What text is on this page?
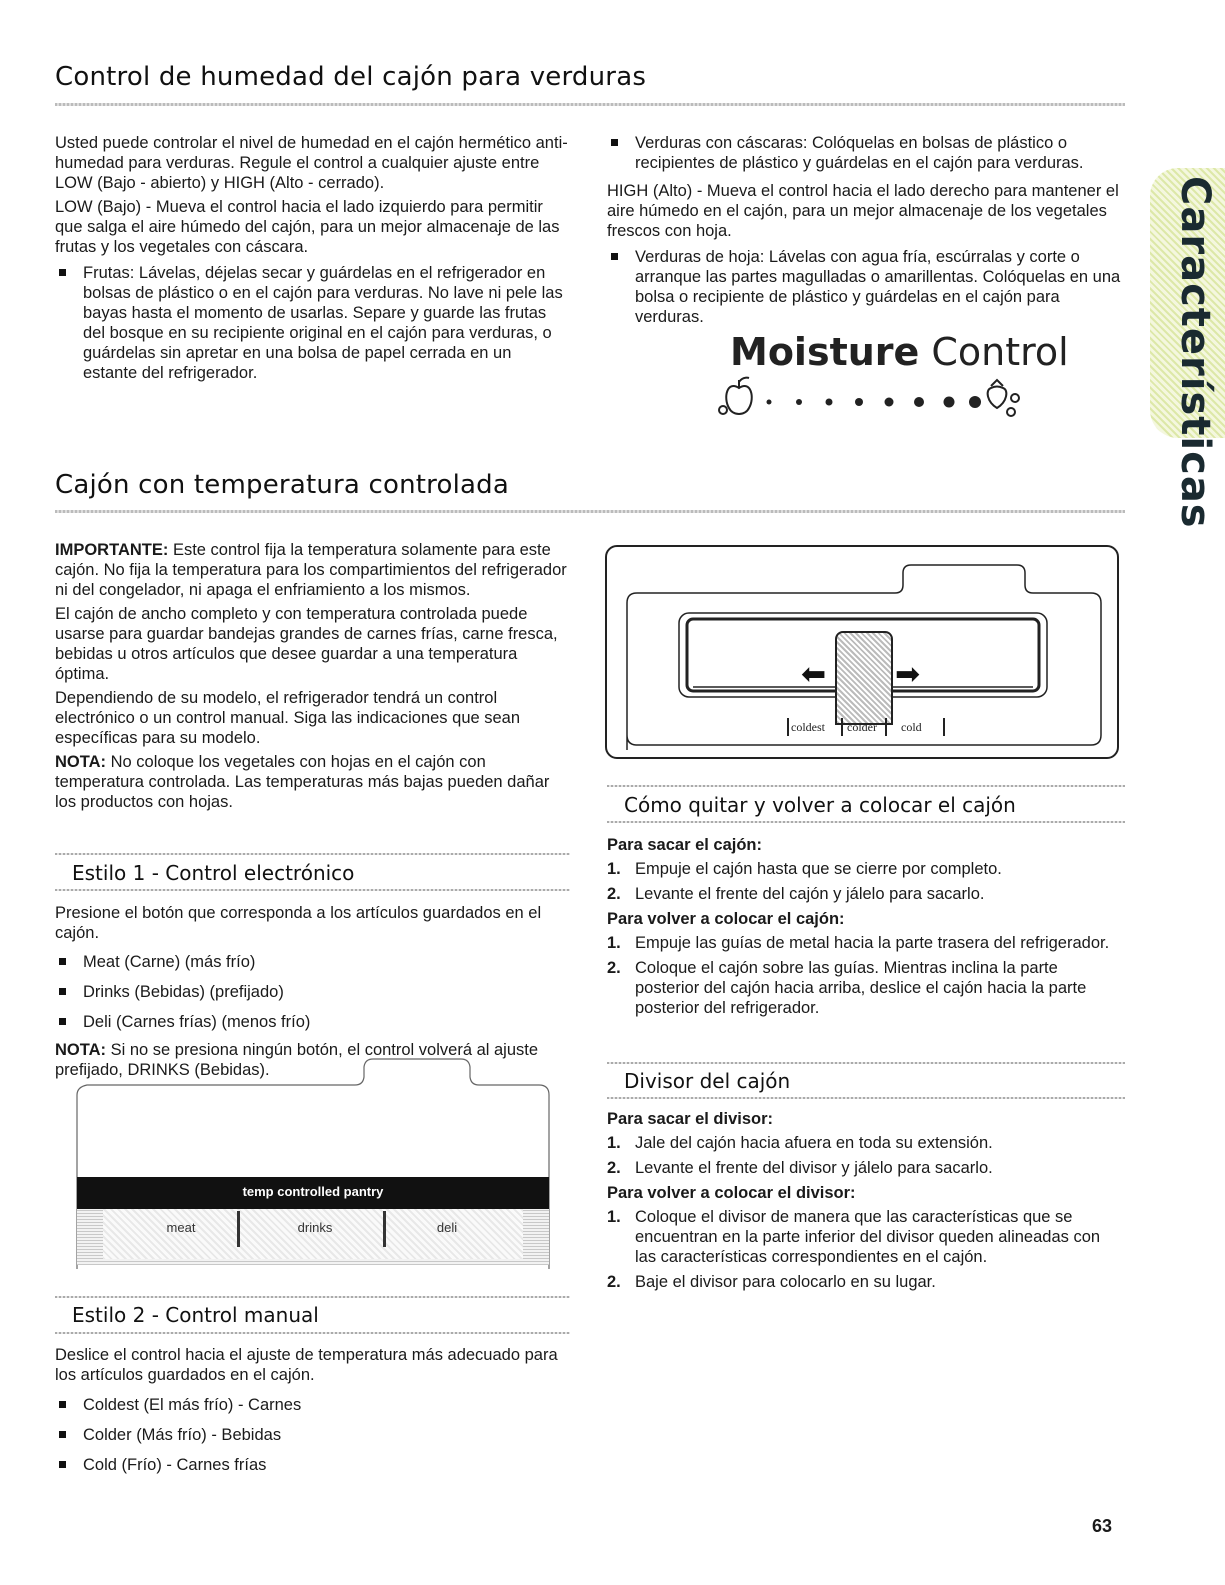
Control de humedad del cajón para verduras

Usted puede controlar el nivel de humedad en el cajón hermético anti-humedad para verduras. Regule el control a cualquier ajuste entre LOW (Bajo - abierto) y HIGH (Alto - cerrado).

LOW (Bajo) - Mueva el control hacia el lado izquierdo para permitir que salga el aire húmedo del cajón, para un mejor almacenaje de las frutas y los vegetales con cáscara.

Frutas: Lávelas, déjelas secar y guárdelas en el refrigerador en bolsas de plástico o en el cajón para verduras. No lave ni pele las bayas hasta el momento de usarlas. Separe y guarde las frutas del bosque en su recipiente original en el cajón para verduras, o guárdelas sin apretar en una bolsa de papel cerrada en un estante del refrigerador.
Verduras con cáscaras: Colóquelas en bolsas de plástico o recipientes de plástico y guárdelas en el cajón para verduras.

HIGH (Alto) - Mueva el control hacia el lado derecho para mantener el aire húmedo en el cajón, para un mejor almacenaje de los vegetales frescos con hoja.

Verduras de hoja: Lávelas con agua fría, escúrralas y corte o arranque las partes magulladas o amarillentas. Colóquelas en una bolsa o recipiente de plástico y guárdelas en el cajón para verduras.
Moisture Control	Características
Cajón con temperatura controlada

IMPORTANTE: Este control fija la temperatura solamente para este cajón. No fija la temperatura para los compartimientos del refrigerador ni del congelador, ni apaga el enfriamiento a los mismos.

El cajón de ancho completo y con temperatura controlada puede usarse para guardar bandejas grandes de carnes frías, carne fresca, bebidas u otros artículos que desee guardar a una temperatura óptima.

Dependiendo de su modelo, el refrigerador tendrá un control electrónico o un control manual. Siga las indicaciones que sean específicas para su modelo.

NOTA: No coloque los vegetales con hojas en el cajón con temperatura controlada. Las temperaturas más bajas pueden dañar los productos con hojas.

Estilo 1 - Control electrónico

Presione el botón que corresponda a los artículos guardados en el cajón.

Meat (Carne) (más frío)
Drinks (Bebidas) (prefijado)
Deli (Carnes frías) (menos frío)

NOTA: Si no se presiona ningún botón, el control volverá al ajuste prefijado, DRINKS (Bebidas).

temp controlled pantry
meat	drinks	deli
Estilo 2 - Control manual

Deslice el control hacia el ajuste de temperatura más adecuado para los artículos guardados en el cajón.

Coldest (El más frío) - Carnes
Colder (Más frío) - Bebidas
Cold (Frío) - Carnes frías
⬅ ➡
coldest colder cold
Cómo quitar y volver a colocar el cajón
Para sacar el cajón:
1. Empuje el cajón hasta que se cierre por completo.
2. Levante el frente del cajón y jálelo para sacarlo.
Para volver a colocar el cajón:
1. Empuje las guías de metal hacia la parte trasera del refrigerador.
2. Coloque el cajón sobre las guías. Mientras inclina la parte posterior del cajón hacia arriba, deslice el cajón hacia la parte posterior del refrigerador.
Divisor del cajón
Para sacar el divisor:
1. Jale del cajón hacia afuera en toda su extensión.
2. Levante el frente del divisor y jálelo para sacarlo.
Para volver a colocar el divisor:
1. Coloque el divisor de manera que las características que se encuentran en la parte inferior del divisor queden alineadas con las características correspondientes en el cajón.
2. Baje el divisor para colocarlo en su lugar.
63
